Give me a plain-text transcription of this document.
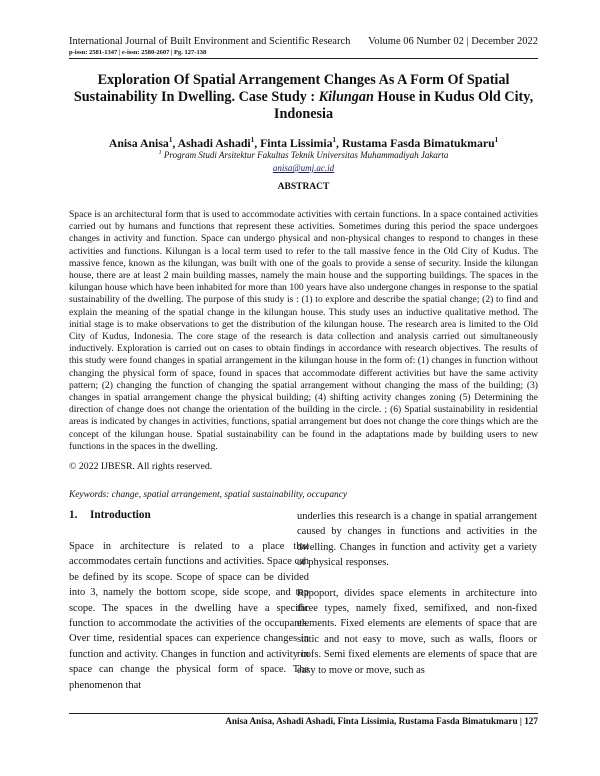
International Journal of Built Environment and Scientific Research Volume 06 Number 02 | December 2022
p-issn: 2581-1347 | e-issn: 2580-2607 | Pg. 127-138
Exploration Of Spatial Arrangement Changes As A Form Of Spatial
Sustainability In Dwelling. Case Study : Kilungan House in Kudus Old City,
Indonesia
Anisa Anisa$^1$, Ashadi Ashadi$^1$, Finta Lissimia$^1$, Rustama Fasda Bimatukmaru$^1$
$^1$ Program Studi Arsitektur Fakultas Teknik Universitas Muhammadiyah Jakarta
anisa@umj.ac.id
ABSTRACT
Space is an architectural form that is used to accommodate activities with certain functions. In a space contained activities carried out by humans and functions that represent these activities. Sometimes during this period the space undergoes changes in activity and function. Space can undergo physical and non-physical changes to respond to changes in these activities and functions. Kilungan is a local term used to refer to the tall massive fence in the Old City of Kudus. The massive fence, known as the kilungan, was built with one of the goals to provide a sense of security. Inside the kilungan house, there are at least 2 main building masses, namely the main house and the supporting buildings. The spaces in the kilungan house which have been inhabited for more than 100 years have also undergone changes in response to the spatial sustainability of the dwelling. The purpose of this study is : (1) to explore and describe the spatial change; (2) to find and explain the meaning of the spatial change in the kilungan house. This study uses an inductive qualitative method. The initial stage is to make observations to get the distribution of the kilungan house. The research area is limited to the Old City of Kudus, Indonesia. The core stage of the research is data collection and analysis carried out simultaneously inductively. Exploration is carried out on cases to obtain findings in accordance with research objectives. The results of this study were found changes in spatial arrangement in the kilungan house in the form of: (1) changes in function without changing the physical form of space, found in spaces that accommodate different activities but have the same activity pattern; (2) changing the function of changing the spatial arrangement without changing the mass of the building; (3) changes in spatial arrangement change the physical building; (4) shifting activity changes zoning (5) Determining the direction of change does not change the orientation of the building in the circle. ; (6) Spatial sustainability in residential areas is indicated by changes in activities, functions, spatial arrangement but does not change the core things which are the concept of the kilungan house. Spatial sustainability can be found in the adaptations made by building users to new functions in the spaces in the dwelling.
© 2022 IJBESR. All rights reserved.
Keywords: change, spatial arrangement, spatial sustainability, occupancy
1. Introduction

Space in architecture is related to a place that accommodates certain functions and activities. Space can be defined by its scope. Scope of space can be divided into 3, namely the bottom scope, side scope, and top scope. The spaces in the dwelling have a specific function to accommodate the activities of the occupants. Over time, residential spaces can experience changes in function and activity. Changes in function and activity in space can change the physical form of space. The phenomenon that

underlies this research is a change in spatial arrangement caused by changes in functions and activities in the dwelling. Changes in function and activity get a variety of physical responses.

Rapoport, divides space elements in architecture into three types, namely fixed, semifixed, and non-fixed elements. Fixed elements are elements of space that are static and not easy to move, such as walls, floors or roofs. Semi fixed elements are elements of space that are easy to move or move, such as

Anisa Anisa, Ashadi Ashadi, Finta Lissimia, Rustama Fasda Bimatukmaru | 127
